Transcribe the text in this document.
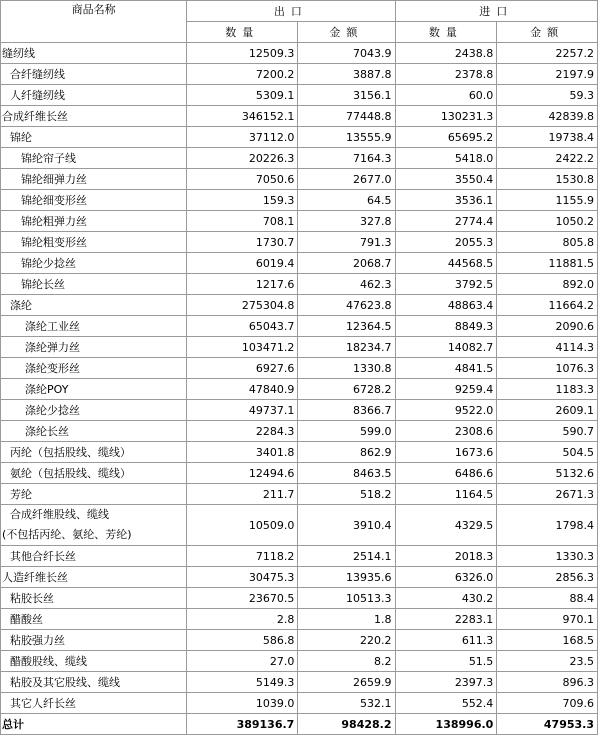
商品名称	出口		进口	
	数量	金额	数量	金额
缝纫线	12509.3	7043.9	2438.8	2257.2
合纤缝纫线	7200.2	3887.8	2378.8	2197.9
人纤缝纫线	5309.1	3156.1	60.0	59.3
合成纤维长丝	346152.1	77448.8	130231.3	42839.8
锦纶	37112.0	13555.9	65695.2	19738.4
锦纶帘子线	20226.3	7164.3	5418.0	2422.2
锦纶细弹力丝	7050.6	2677.0	3550.4	1530.8
锦纶细变形丝	159.3	64.5	3536.1	1155.9
锦纶粗弹力丝	708.1	327.8	2774.4	1050.2
锦纶粗变形丝	1730.7	791.3	2055.3	805.8
锦纶少捻丝	6019.4	2068.7	44568.5	11881.5
锦纶长丝	1217.6	462.3	3792.5	892.0
涤纶	275304.8	47623.8	48863.4	11664.2
涤纶工业丝	65043.7	12364.5	8849.3	2090.6
涤纶弹力丝	103471.2	18234.7	14082.7	4114.3
涤纶变形丝	6927.6	1330.8	4841.5	1076.3
涤纶POY	47840.9	6728.2	9259.4	1183.3
涤纶少捻丝	49737.1	8366.7	9522.0	2609.1
涤纶长丝	2284.3	599.0	2308.6	590.7
丙纶（包括股线、缆线）	3401.8	862.9	1673.6	504.5
氨纶（包括股线、缆线）	12494.6	8463.5	6486.6	5132.6
芳纶	211.7	518.2	1164.5	2671.3

合成纤维股线、缆线
(不包括丙纶、氨纶、芳纶)	10509.0	3910.4	4329.5	1798.4
其他合纤长丝	7118.2	2514.1	2018.3	1330.3
人造纤维长丝	30475.3	13935.6	6326.0	2856.3
粘胶长丝	23670.5	10513.3	430.2	88.4
醋酸丝	2.8	1.8	2283.1	970.1
粘胶强力丝	586.8	220.2	611.3	168.5
醋酸股线、缆线	27.0	8.2	51.5	23.5
粘胶及其它股线、缆线	5149.3	2659.9	2397.3	896.3
其它人纤长丝	1039.0	532.1	552.4	709.6
总计	389136.7	98428.2	138996.0	47953.3
